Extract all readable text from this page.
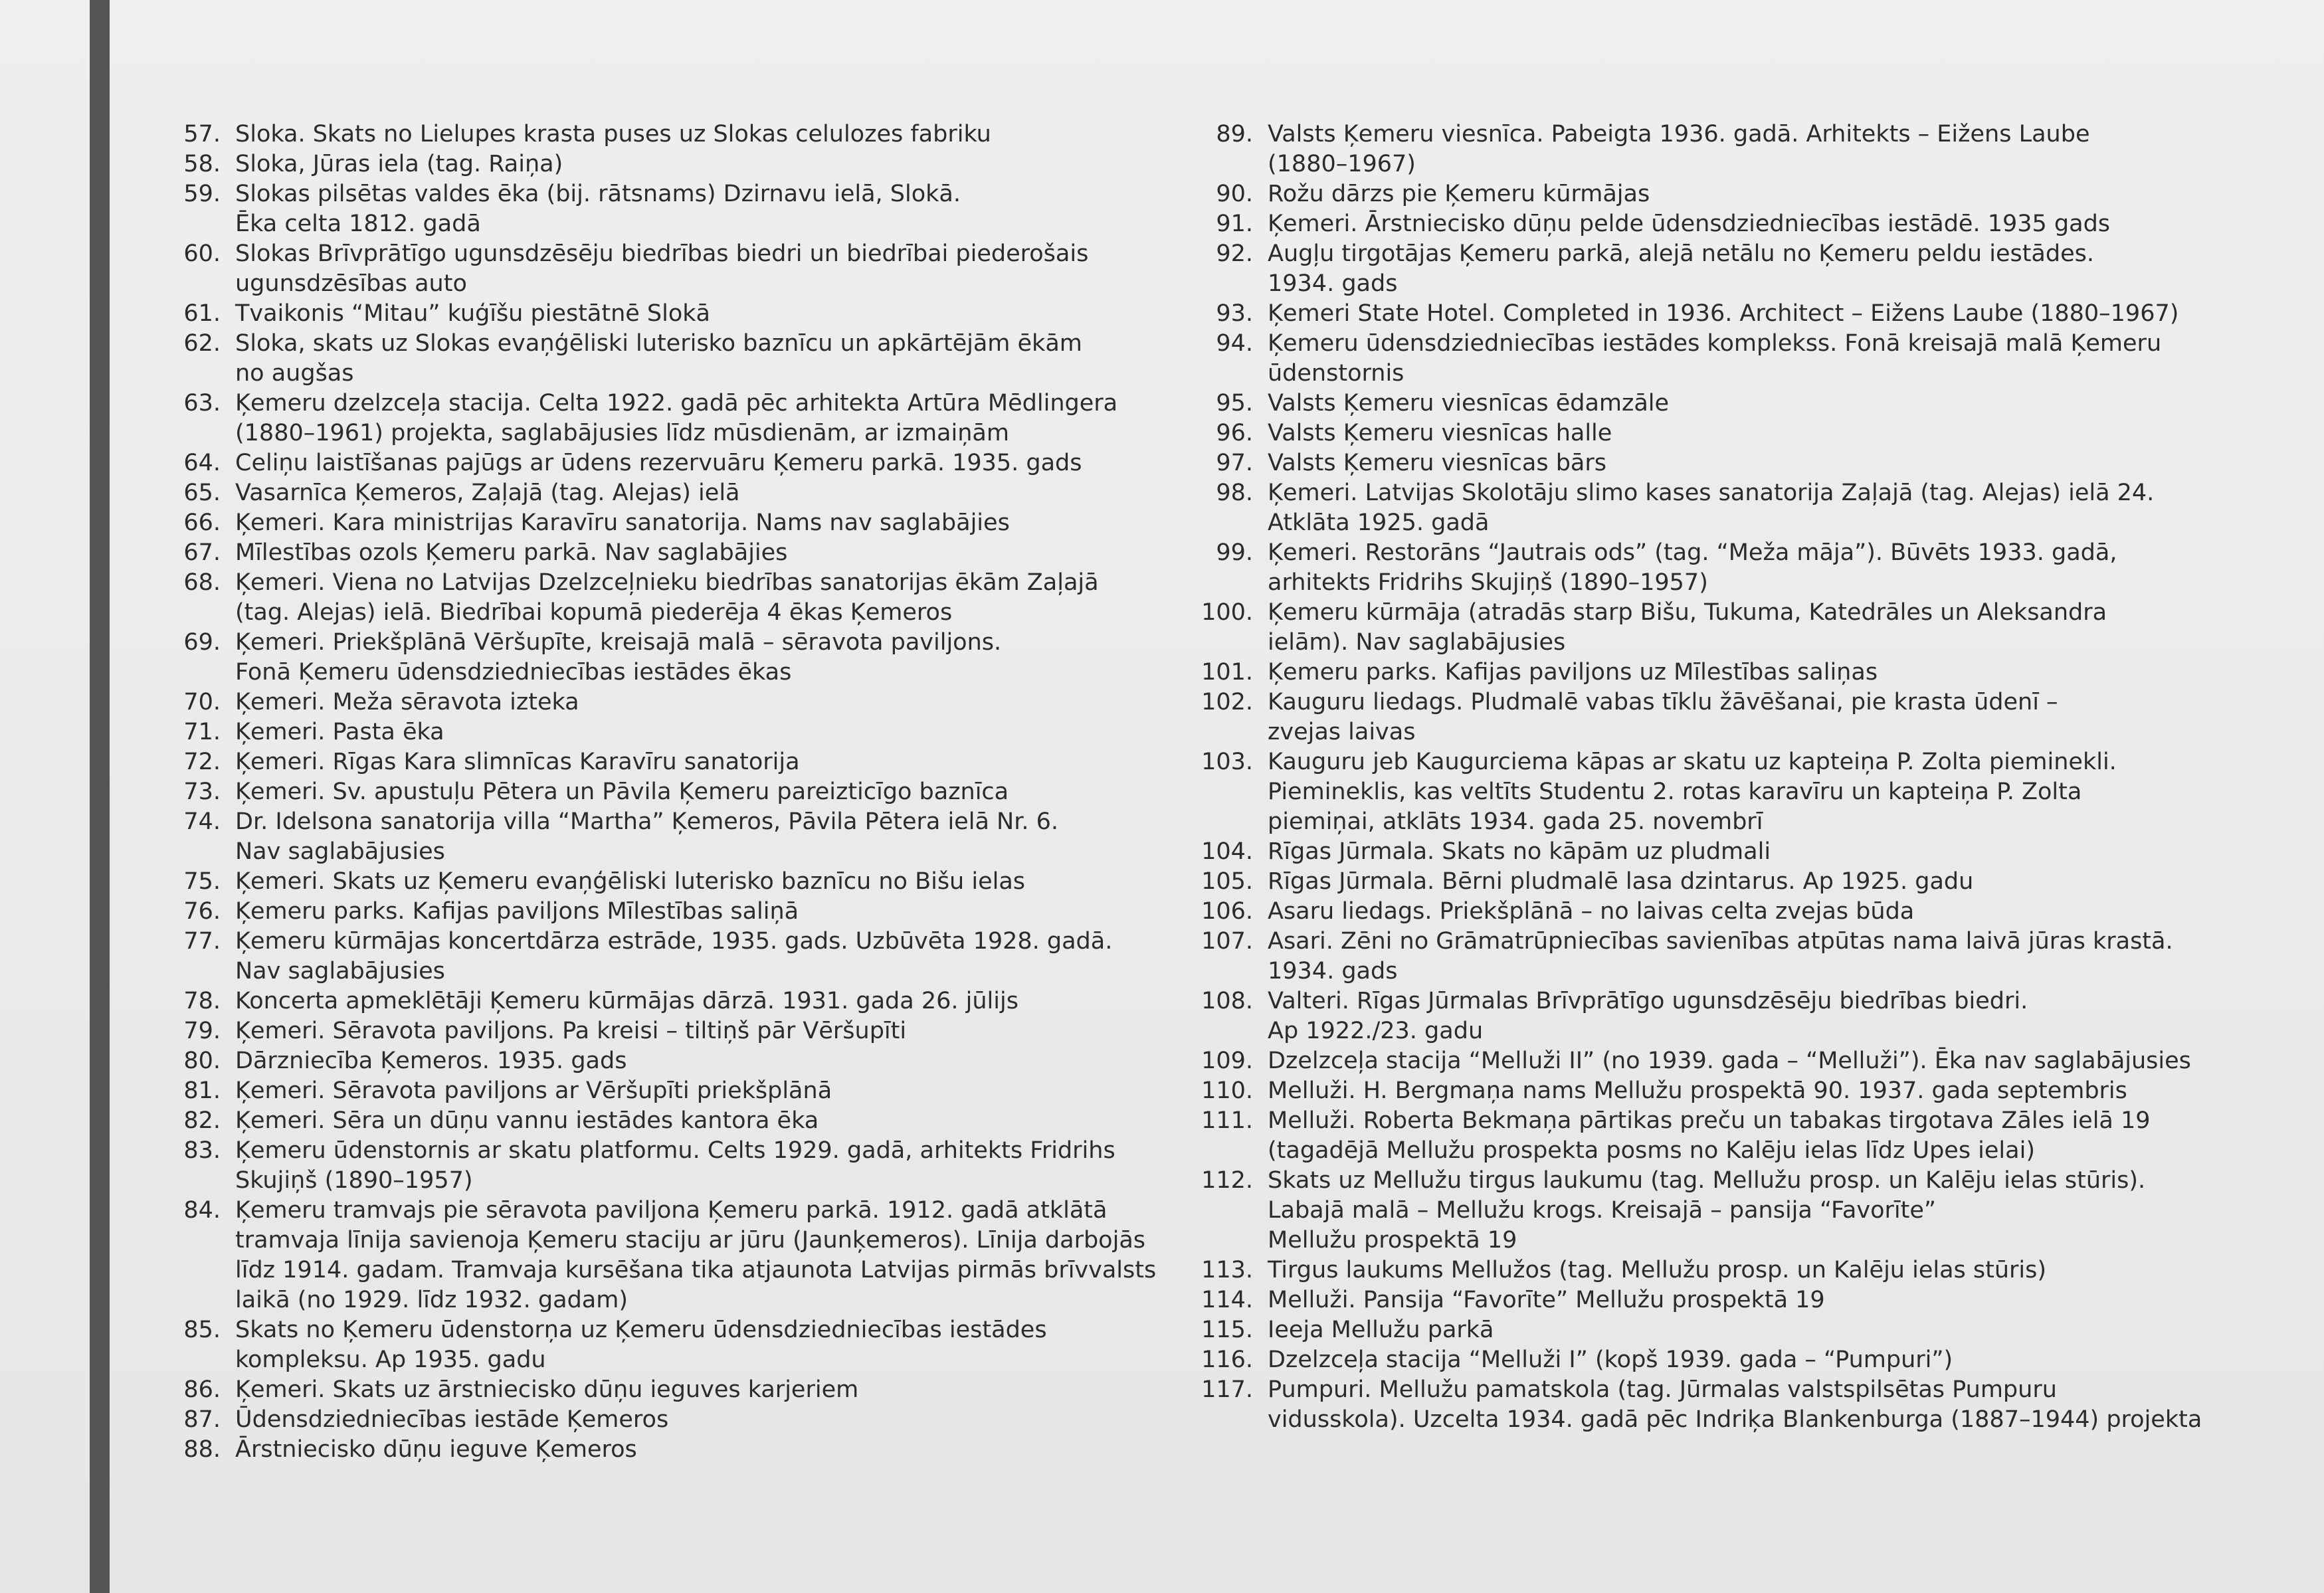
57. Sloka. Skats no Lielupes krasta puses uz Slokas celulozes fabriku
58. Sloka, Jūras iela (tag. Raiņa)
59. Slokas pilsētas valdes ēka (bij. rātsnams) Dzirnavu ielā, Slokā.
Ēka celta 1812. gadā
60. Slokas Brīvprātīgo ugunsdzēsēju biedrības biedri un biedrībai piederošais
ugunsdzēsības auto
61. Tvaikonis “Mitau” kuģīšu piestātnē Slokā
62. Sloka, skats uz Slokas evaņģēliski luterisko baznīcu un apkārtējām ēkām
no augšas
63. Ķemeru dzelzceļa stacija. Celta 1922. gadā pēc arhitekta Artūra Mēdlingera
(1880–1961) projekta, saglabājusies līdz mūsdienām, ar izmaiņām
64. Celiņu laistīšanas pajūgs ar ūdens rezervuāru Ķemeru parkā. 1935. gads
65. Vasarnīca Ķemeros, Zaļajā (tag. Alejas) ielā
66. Ķemeri. Kara ministrijas Karavīru sanatorija. Nams nav saglabājies
67. Mīlestības ozols Ķemeru parkā. Nav saglabājies
68. Ķemeri. Viena no Latvijas Dzelzceļnieku biedrības sanatorijas ēkām Zaļajā
(tag. Alejas) ielā. Biedrībai kopumā piederēja 4 ēkas Ķemeros
69. Ķemeri. Priekšplānā Vēršupīte, kreisajā malā – sēravota paviljons.
Fonā Ķemeru ūdensdziedniecības iestādes ēkas
70. Ķemeri. Meža sēravota izteka
71. Ķemeri. Pasta ēka
72. Ķemeri. Rīgas Kara slimnīcas Karavīru sanatorija
73. Ķemeri. Sv. apustuļu Pētera un Pāvila Ķemeru pareizticīgo baznīca
74. Dr. Idelsona sanatorija villa “Martha” Ķemeros, Pāvila Pētera ielā Nr. 6.
Nav saglabājusies
75. Ķemeri. Skats uz Ķemeru evaņģēliski luterisko baznīcu no Bišu ielas
76. Ķemeru parks. Kafijas paviljons Mīlestības saliņā
77. Ķemeru kūrmājas koncertdārza estrāde, 1935. gads. Uzbūvēta 1928. gadā.
Nav saglabājusies
78. Koncerta apmeklētāji Ķemeru kūrmājas dārzā. 1931. gada 26. jūlijs
79. Ķemeri. Sēravota paviljons. Pa kreisi – tiltiņš pār Vēršupīti
80. Dārzniecība Ķemeros. 1935. gads
81. Ķemeri. Sēravota paviljons ar Vēršupīti priekšplānā
82. Ķemeri. Sēra un dūņu vannu iestādes kantora ēka
83. Ķemeru ūdenstornis ar skatu platformu. Celts 1929. gadā, arhitekts Fridrihs
Skujiņš (1890–1957)
84. Ķemeru tramvajs pie sēravota paviljona Ķemeru parkā. 1912. gadā atklātā
tramvaja līnija savienoja Ķemeru staciju ar jūru (Jaunķemeros). Līnija darbojās
līdz 1914. gadam. Tramvaja kursēšana tika atjaunota Latvijas pirmās brīvvalsts
laikā (no 1929. līdz 1932. gadam)
85. Skats no Ķemeru ūdenstorņa uz Ķemeru ūdensdziedniecības iestādes
kompleksu. Ap 1935. gadu
86. Ķemeri. Skats uz ārstniecisko dūņu ieguves karjeriem
87. Ūdensdziedniecības iestāde Ķemeros
88. Ārstniecisko dūņu ieguve Ķemeros
89. Valsts Ķemeru viesnīca. Pabeigta 1936. gadā. Arhitekts – Eižens Laube
(1880–1967)
90. Rožu dārzs pie Ķemeru kūrmājas
91. Ķemeri. Ārstniecisko dūņu pelde ūdensdziedniecības iestādē. 1935 gads
92. Augļu tirgotājas Ķemeru parkā, alejā netālu no Ķemeru peldu iestādes.
1934. gads
93. Ķemeri State Hotel. Completed in 1936. Architect – Eižens Laube (1880–1967)
94. Ķemeru ūdensdziedniecības iestādes komplekss. Fonā kreisajā malā Ķemeru
ūdenstornis
95. Valsts Ķemeru viesnīcas ēdamzāle
96. Valsts Ķemeru viesnīcas halle
97. Valsts Ķemeru viesnīcas bārs
98. Ķemeri. Latvijas Skolotāju slimo kases sanatorija Zaļajā (tag. Alejas) ielā 24.
Atklāta 1925. gadā
99. Ķemeri. Restorāns “Jautrais ods” (tag. “Meža māja”). Būvēts 1933. gadā,
arhitekts Fridrihs Skujiņš (1890–1957)
100. Ķemeru kūrmāja (atradās starp Bišu, Tukuma, Katedrāles un Aleksandra
ielām). Nav saglabājusies
101. Ķemeru parks. Kafijas paviljons uz Mīlestības saliņas
102. Kauguru liedags. Pludmalē vabas tīklu žāvēšanai, pie krasta ūdenī –
zvejas laivas
103. Kauguru jeb Kaugurciema kāpas ar skatu uz kapteiņa P. Zolta pieminekli.
Piemineklis, kas veltīts Studentu 2. rotas karavīru un kapteiņa P. Zolta
piemiņai, atklāts 1934. gada 25. novembrī
104. Rīgas Jūrmala. Skats no kāpām uz pludmali
105. Rīgas Jūrmala. Bērni pludmalē lasa dzintarus. Ap 1925. gadu
106. Asaru liedags. Priekšplānā – no laivas celta zvejas būda
107. Asari. Zēni no Grāmatrūpniecības savienības atpūtas nama laivā jūras krastā.
1934. gads
108. Valteri. Rīgas Jūrmalas Brīvprātīgo ugunsdzēsēju biedrības biedri.
Ap 1922./23. gadu
109. Dzelzceļa stacija “Melluži II” (no 1939. gada – “Melluži”). Ēka nav saglabājusies
110. Melluži. H. Bergmaņa nams Mellužu prospektā 90. 1937. gada septembris
111. Melluži. Roberta Bekmaņa pārtikas preču un tabakas tirgotava Zāles ielā 19
(tagadējā Mellužu prospekta posms no Kalēju ielas līdz Upes ielai)
112. Skats uz Mellužu tirgus laukumu (tag. Mellužu prosp. un Kalēju ielas stūris).
Labajā malā – Mellužu krogs. Kreisajā – pansija “Favorīte”
Mellužu prospektā 19
113. Tirgus laukums Mellužos (tag. Mellužu prosp. un Kalēju ielas stūris)
114. Melluži. Pansija “Favorīte” Mellužu prospektā 19
115. Ieeja Mellužu parkā
116. Dzelzceļa stacija “Melluži I” (kopš 1939. gada – “Pumpuri”)
117. Pumpuri. Mellužu pamatskola (tag. Jūrmalas valstspilsētas Pumpuru
vidusskola). Uzcelta 1934. gadā pēc Indriķa Blankenburga (1887–1944) projekta
